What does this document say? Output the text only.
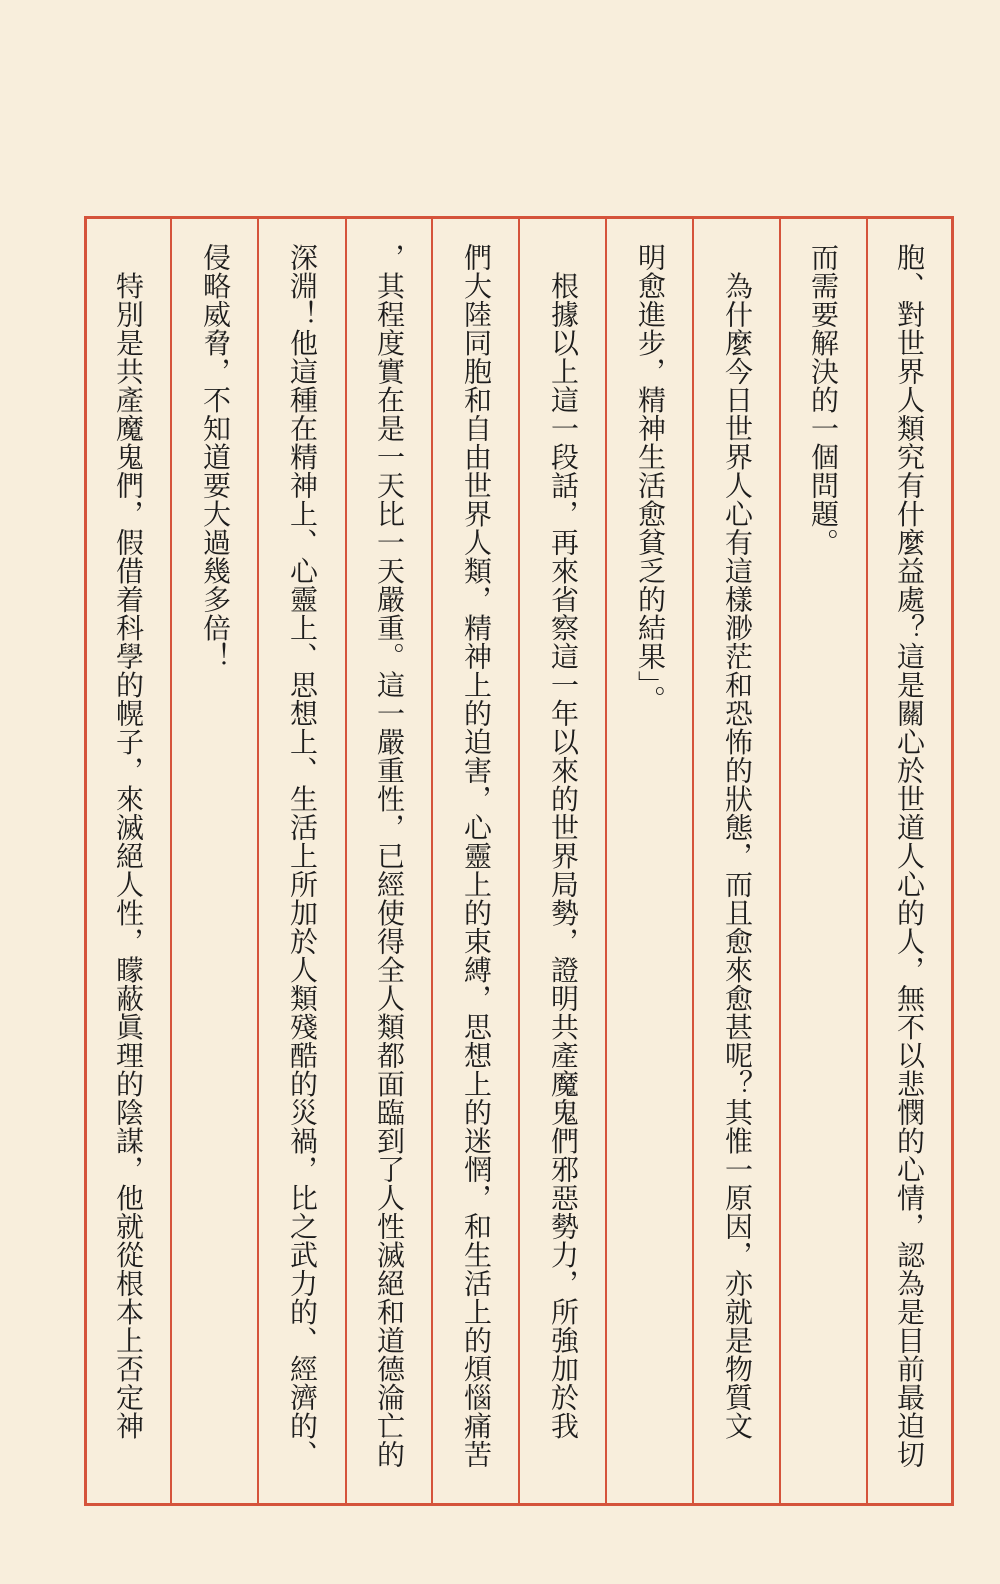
胞、對世界人類究有什麼益處？這是關心於世道人心的人，無不以悲憫的心情，認為是目前最迫切
而需要解決的一個問題。
　為什麼今日世界人心有這樣渺茫和恐怖的狀態，而且愈來愈甚呢？其惟一原因，亦就是物質文
明愈進步，精神生活愈貧乏的結果」。
　根據以上這一段話，再來省察這一年以來的世界局勢，證明共產魔鬼們邪惡勢力，所強加於我
們大陸同胞和自由世界人類，精神上的迫害，心靈上的束縛，思想上的迷惘，和生活上的煩惱痛苦
，其程度實在是一天比一天嚴重。這一嚴重性，已經使得全人類都面臨到了人性滅絕和道德淪亡的
深淵！他這種在精神上、心靈上、思想上、生活上所加於人類殘酷的災禍，比之武力的、經濟的、
侵略威脅，不知道要大過幾多倍！
　特別是共產魔鬼們，假借着科學的幌子，來滅絕人性，矇蔽眞理的陰謀，他就從根本上否定神
